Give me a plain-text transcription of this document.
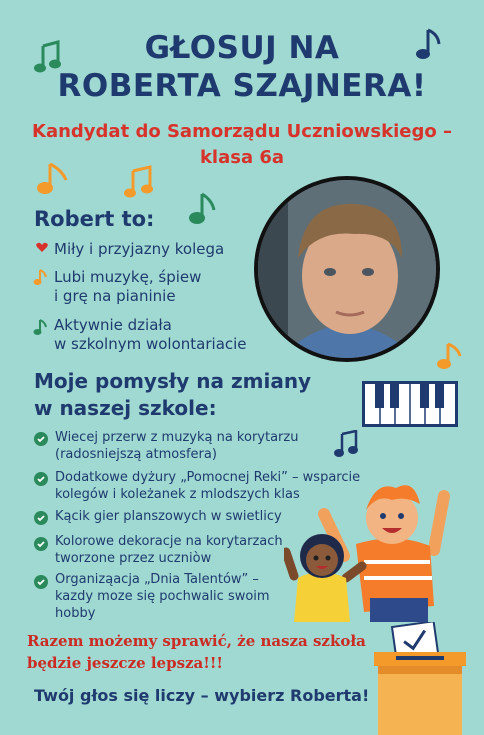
GŁOSUJ NA
ROBERTA SZAJNERA!
Kandydat do Samorządu Uczniowskiego –
klasa 6a
Robert to:
Miły i przyjazny kolega
Lubi muzykę, śpiew
i grę na pianinie
Aktywnie działa
w szkolnym wolontariacie
Moje pomysły na zmiany
w naszej szkole:
Wiecej przerw z muzyką na korytarzu
(radosniejszą atmosfera)
Dodatkowe dyżury „Pomocnej Reki” – wsparcie
kolegów i koleżanek z mlodszych klas
Kącik gier planszowych w swietlicy
Kolorowe dekoracje na korytarzach
tworzone przez uczniòw
Organiząacja „Dnia Talentów” –
kazdy moze się pochwalic swoim
hobby
Razem możemy sprawić, że nasza szkoła
będzie jeszcze lepsza!!!
Twój głos się liczy – wybierz Roberta!
